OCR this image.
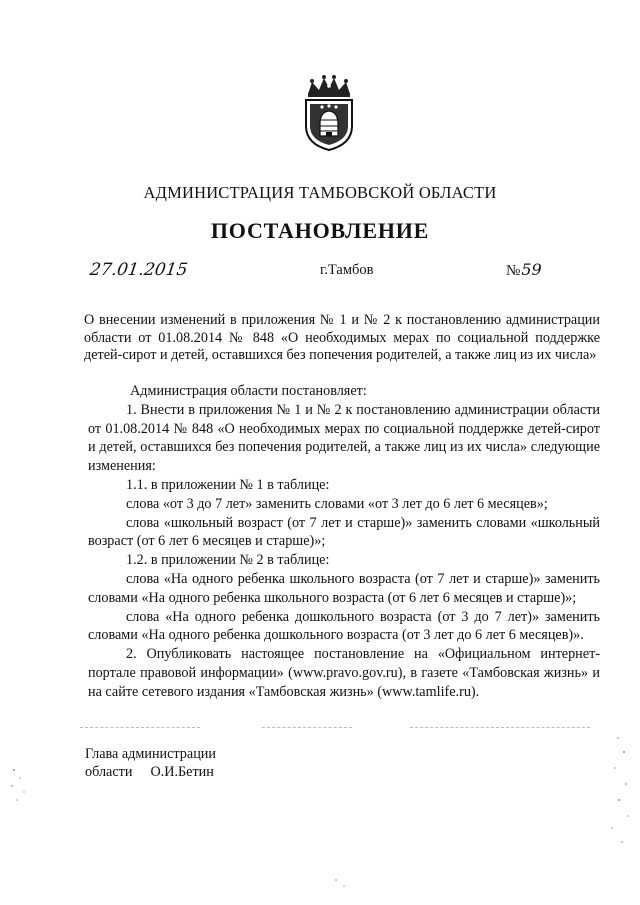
АДМИНИСТРАЦИЯ ТАМБОВСКОЙ ОБЛАСТИ
ПОСТАНОВЛЕНИЕ
27.01.2015	г.Тамбов	№59
О внесении изменений в приложения № 1 и № 2 к постановлению администрации области от 01.08.2014 № 848 «О необходимых мерах по социальной поддержке детей-сирот и детей, оставшихся без попечения родителей, а также лиц из их числа»

Администрация области постановляет:

1. Внести в приложения № 1 и № 2 к постановлению администрации области от 01.08.2014 № 848 «О необходимых мерах по социальной поддержке детей-сирот и детей, оставшихся без попечения родителей, а также лиц из их числа» следующие изменения:

1.1. в приложении № 1 в таблице:

слова «от 3 до 7 лет» заменить словами «от 3 лет до 6 лет 6 месяцев»;

слова «школьный возраст (от 7 лет и старше)» заменить словами «школьный возраст (от 6 лет 6 месяцев и старше)»;

1.2. в приложении № 2 в таблице:

слова «На одного ребенка школьного возраста (от 7 лет и старше)» заменить словами «На одного ребенка школьного возраста (от 6 лет 6 месяцев и старше)»;

слова «На одного ребенка дошкольного возраста (от 3 до 7 лет)» заменить словами «На одного ребенка дошкольного возраста (от 3 лет до 6 лет 6 месяцев)».

2. Опубликовать настоящее постановление на «Официальном интернет-портале правовой информации» (www.pravo.gov.ru), в газете «Тамбовская жизнь» и на сайте сетевого издания «Тамбовская жизнь» (www.tamlife.ru).

Глава администрации
области О.И.Бетин
